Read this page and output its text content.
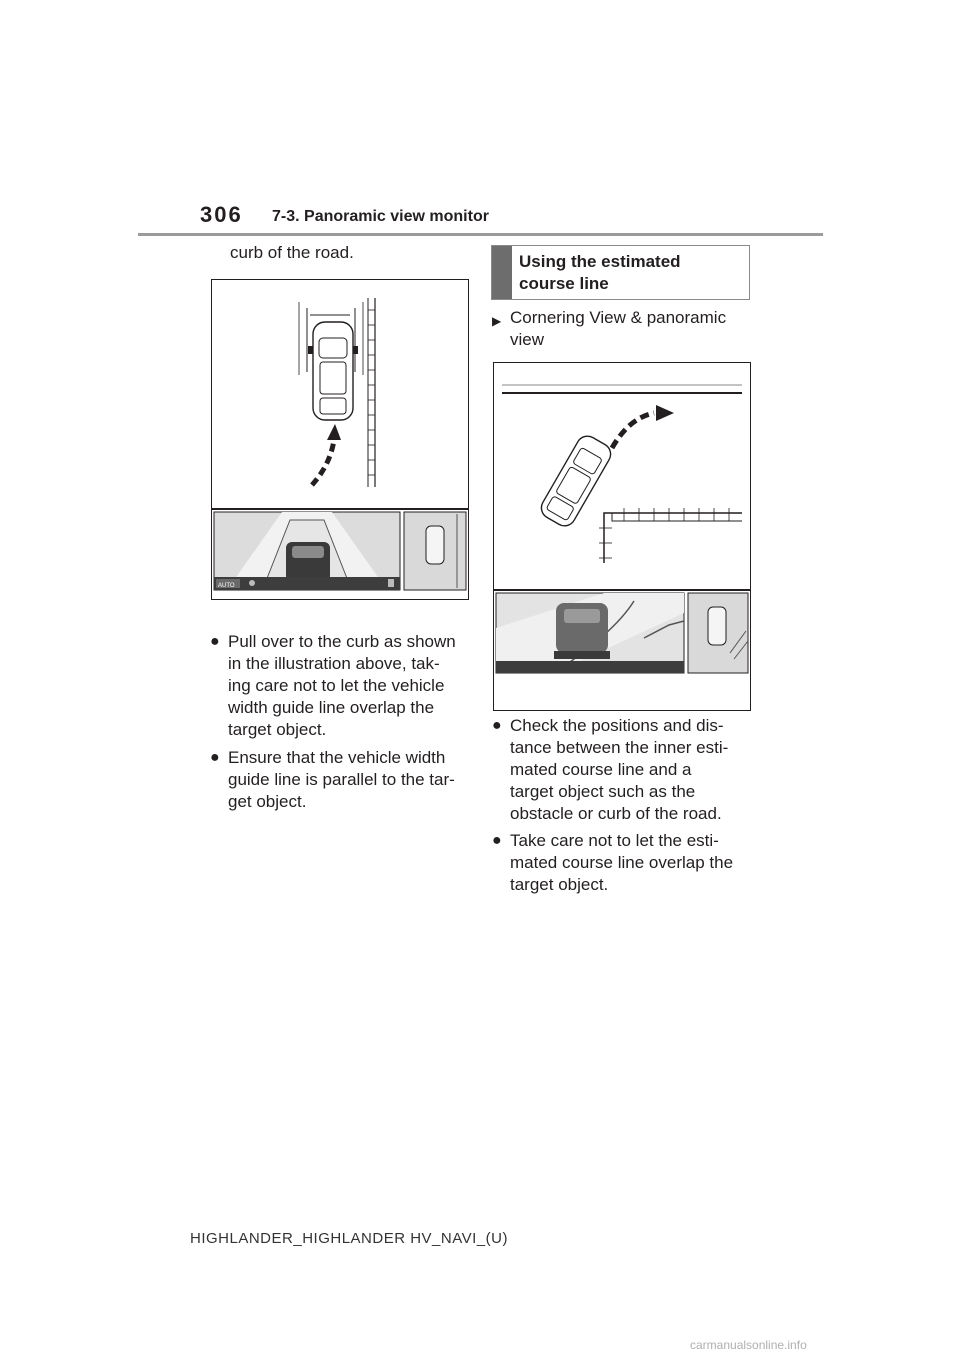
306 7-3. Panoramic view monitor
curb of the road.
AUTO
● Pull over to the curb as shown
in the illustration above, tak-
ing care not to let the vehicle
width guide line overlap the
target object.
● Ensure that the vehicle width
guide line is parallel to the tar-
get object.
Using the estimated
course line
▶ Cornering View & panoramic
view
● Check the positions and dis-
tance between the inner esti-
mated course line and a
target object such as the
obstacle or curb of the road.
● Take care not to let the esti-
mated course line overlap the
target object.
HIGHLANDER_HIGHLANDER HV_NAVI_(U)
carmanualsonline.info
